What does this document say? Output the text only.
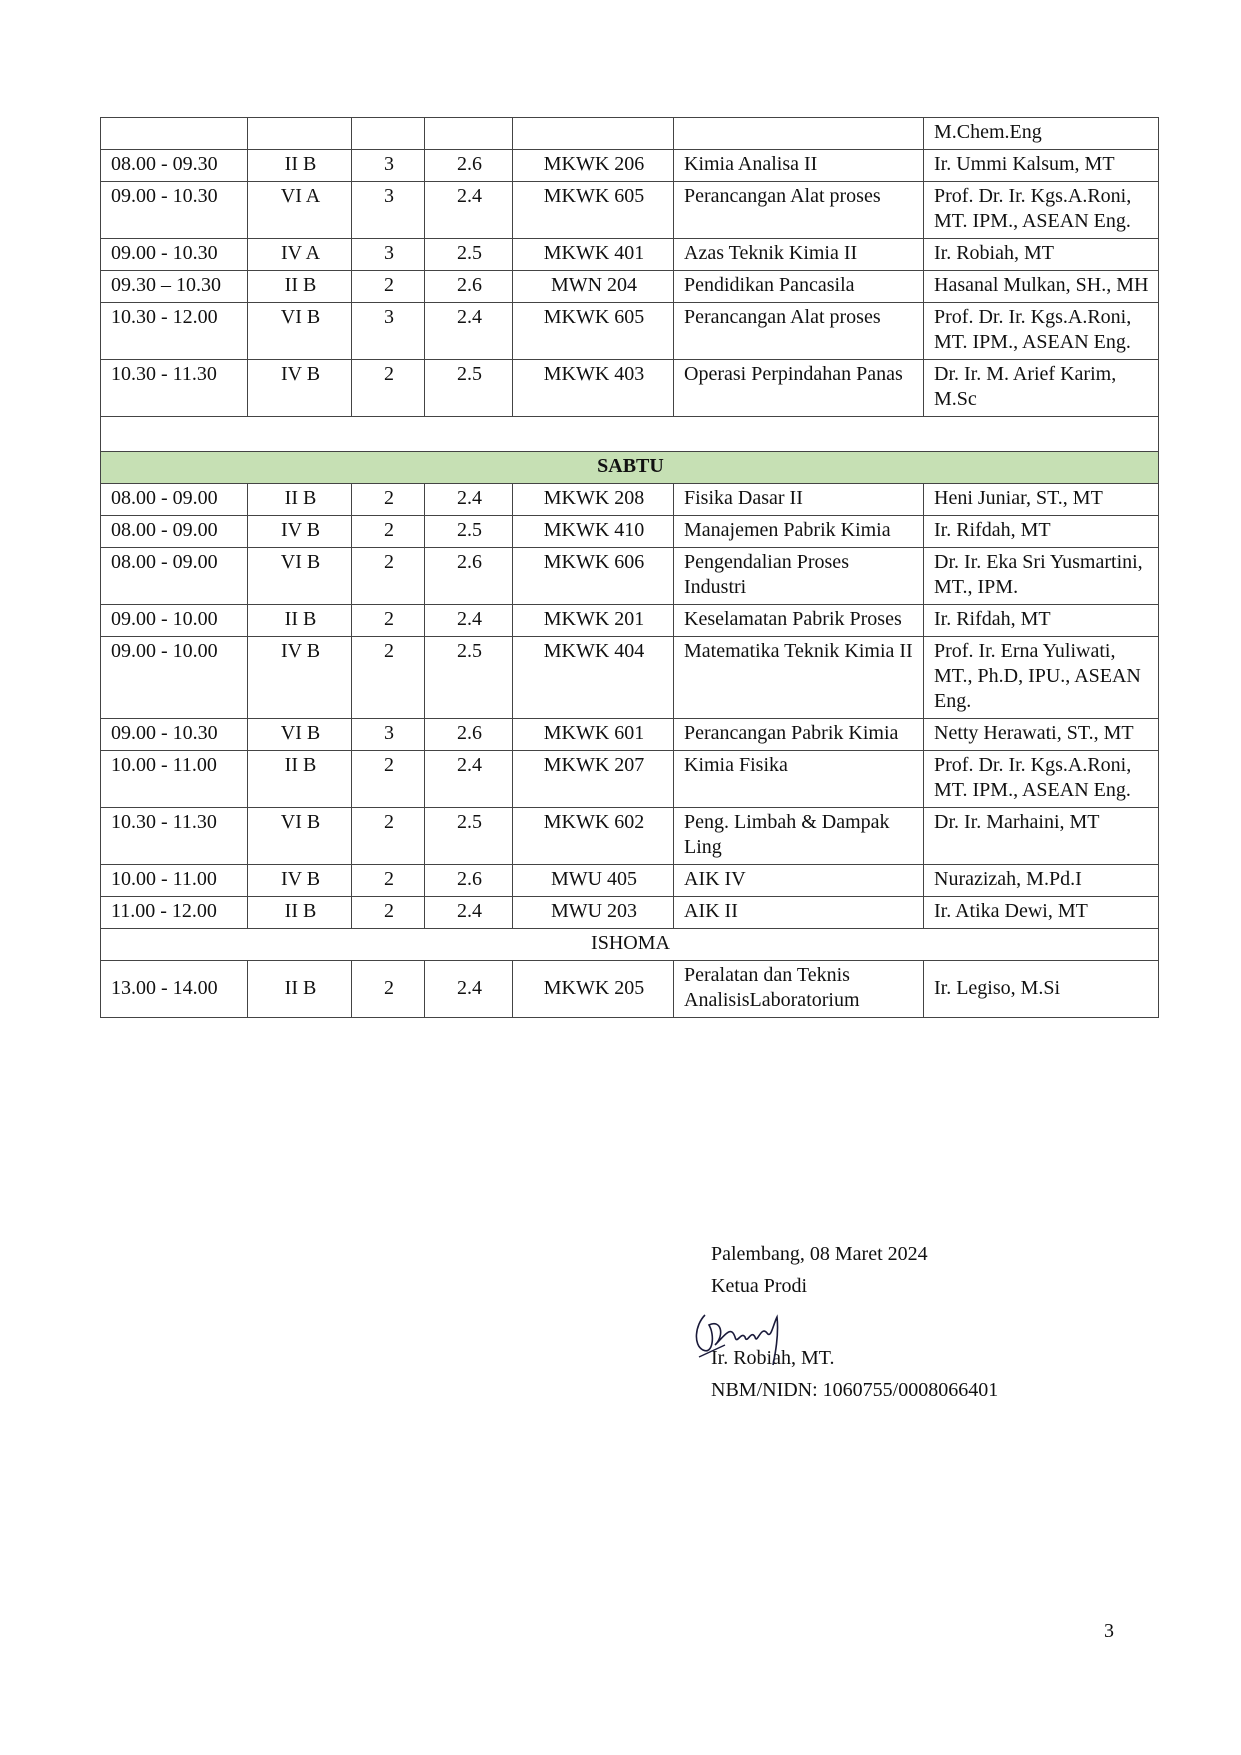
						M.Chem.Eng
08.00 - 09.30	II B	3	2.6	MKWK 206	Kimia Analisa II	Ir. Ummi Kalsum, MT
09.00 - 10.30	VI A	3	2.4	MKWK 605	Perancangan Alat proses	Prof. Dr. Ir. Kgs.A.Roni, MT. IPM., ASEAN Eng.
09.00 - 10.30	IV A	3	2.5	MKWK 401	Azas Teknik Kimia II	Ir. Robiah, MT
09.30 – 10.30	II B	2	2.6	MWN 204	Pendidikan Pancasila	Hasanal Mulkan, SH., MH
10.30 - 12.00	VI B	3	2.4	MKWK 605	Perancangan Alat proses	Prof. Dr. Ir. Kgs.A.Roni, MT. IPM., ASEAN Eng.
10.30 - 11.30	IV B	2	2.5	MKWK 403	Operasi Perpindahan Panas	Dr. Ir. M. Arief Karim, M.Sc

SABTU						
08.00 - 09.00	II B	2	2.4	MKWK 208	Fisika Dasar II	Heni Juniar, ST., MT
08.00 - 09.00	IV B	2	2.5	MKWK 410	Manajemen Pabrik Kimia	Ir. Rifdah, MT
08.00 - 09.00	VI B	2	2.6	MKWK 606	Pengendalian Proses Industri	Dr. Ir. Eka Sri Yusmartini, MT., IPM.
09.00 - 10.00	II B	2	2.4	MKWK 201	Keselamatan Pabrik Proses	Ir. Rifdah, MT
09.00 - 10.00	IV B	2	2.5	MKWK 404	Matematika Teknik Kimia II	Prof. Ir. Erna Yuliwati, MT., Ph.D, IPU., ASEAN Eng.
09.00 - 10.30	VI B	3	2.6	MKWK 601	Perancangan Pabrik Kimia	Netty Herawati, ST., MT
10.00 - 11.00	II B	2	2.4	MKWK 207	Kimia Fisika	Prof. Dr. Ir. Kgs.A.Roni, MT. IPM., ASEAN Eng.
10.30 - 11.30	VI B	2	2.5	MKWK 602	Peng. Limbah & Dampak Ling	Dr. Ir. Marhaini, MT
10.00 - 11.00	IV B	2	2.6	MWU 405	AIK IV	Nurazizah, M.Pd.I
11.00 - 12.00	II B	2	2.4	MWU 203	AIK II	Ir. Atika Dewi, MT
ISHOMA						
13.00 - 14.00	II B	2	2.4	MKWK 205	Peralatan dan Teknis AnalisisLaboratorium	Ir. Legiso, M.Si
Palembang, 08 Maret 2024
Ketua Prodi
Ir. Robiah, MT.
NBM/NIDN: 1060755/0008066401
3
